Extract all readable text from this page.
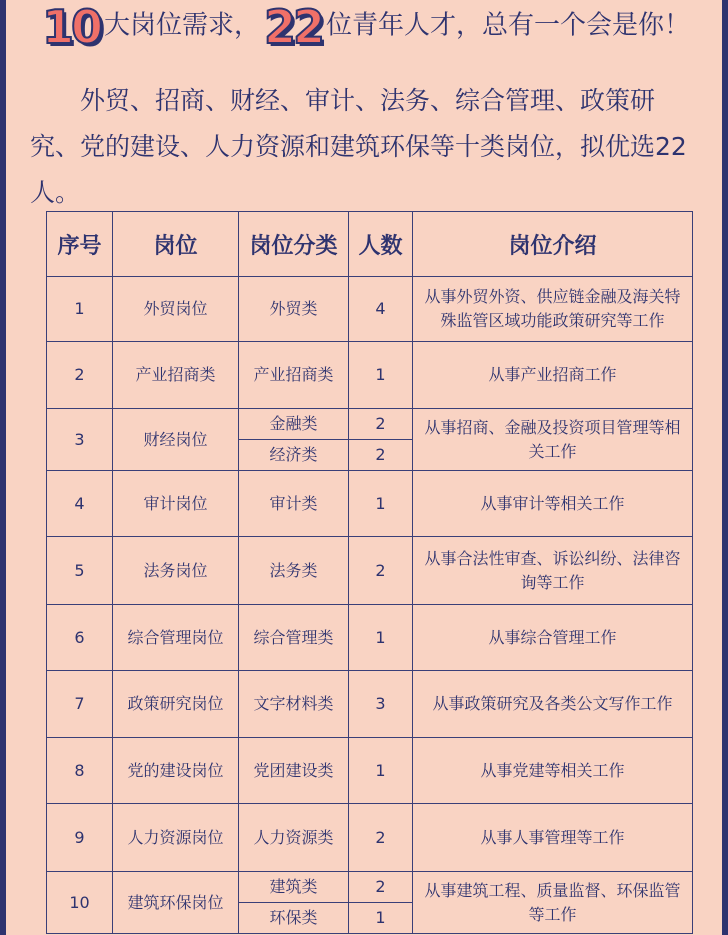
10 大岗位需求，22 位青年人才，总有一个会是你！
外贸、招商、财经、审计、法务、综合管理、政策研究、党的建设、人力资源和建筑环保等十类岗位，拟优选22人。
序号	岗位	岗位分类	人数	岗位介绍
1	外贸岗位	外贸类	4	从事外贸外资、供应链金融及海关特殊监管区域功能政策研究等工作
2	产业招商类	产业招商类	1	从事产业招商工作
3	财经岗位	金融类	2	从事招商、金融及投资项目管理等相关工作
		经济类	2	
4	审计岗位	审计类	1	从事审计等相关工作
5	法务岗位	法务类	2	从事合法性审查、诉讼纠纷、法律咨询等工作
6	综合管理岗位	综合管理类	1	从事综合管理工作
7	政策研究岗位	文字材料类	3	从事政策研究及各类公文写作工作
8	党的建设岗位	党团建设类	1	从事党建等相关工作
9	人力资源岗位	人力资源类	2	从事人事管理等工作
10	建筑环保岗位	建筑类	2	从事建筑工程、质量监督、环保监管等工作
		环保类	1	
